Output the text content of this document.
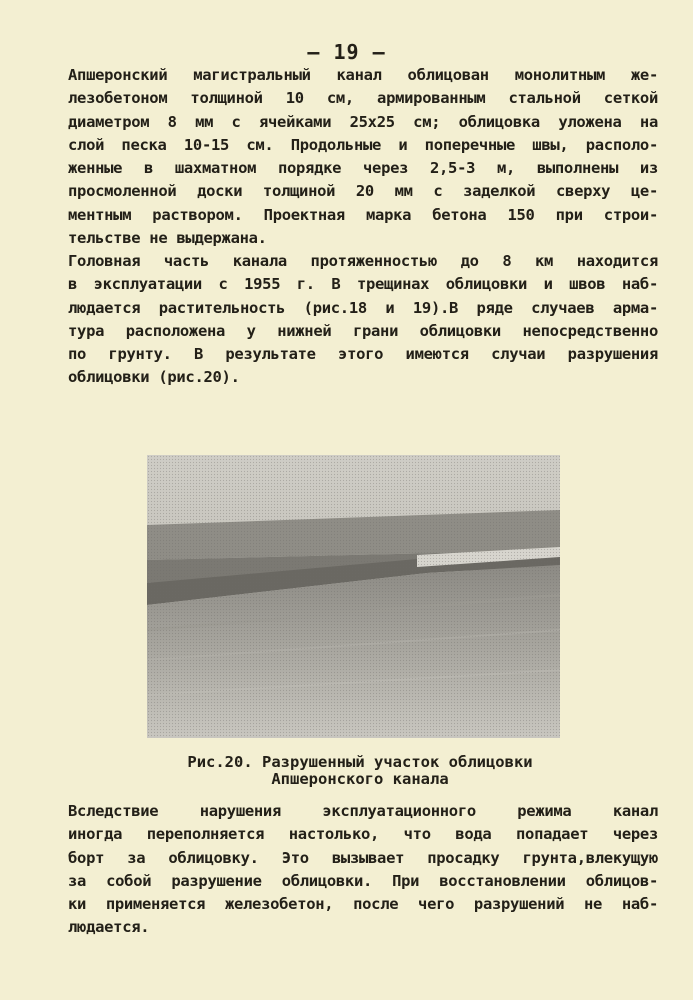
— 19 —
Апшеронский магистральный канал облицован монолитным же-
лезобетоном толщиной 10 см, армированным стальной сеткой
диаметром 8 мм с ячейками 25х25 см; облицовка уложена на
слой песка 10-15 см. Продольные и поперечные швы, располо-
женные в шахматном порядке через 2,5-3 м, выполнены из
просмоленной доски толщиной 20 мм с заделкой сверху це-
ментным раствором. Проектная марка бетона 150 при строи-
тельстве не выдержана.
Головная часть канала протяженностью до 8 км находится
в эксплуатации с 1955 г. В трещинах облицовки и швов наб-
людается растительность (рис.18 и 19).В ряде случаев арма-
тура расположена у нижней грани облицовки непосредственно
по грунту. В результате этого имеются случаи разрушения
облицовки (рис.20).
Рис.20. Разрушенный участок облицовки
Апшеронского канала
Вследствие нарушения эксплуатационного режима канал
иногда переполняется настолько, что вода попадает через
борт за облицовку. Это вызывает просадку грунта,влекущую
за собой разрушение облицовки. При восстановлении облицов-
ки применяется железобетон, после чего разрушений не наб-
людается.
